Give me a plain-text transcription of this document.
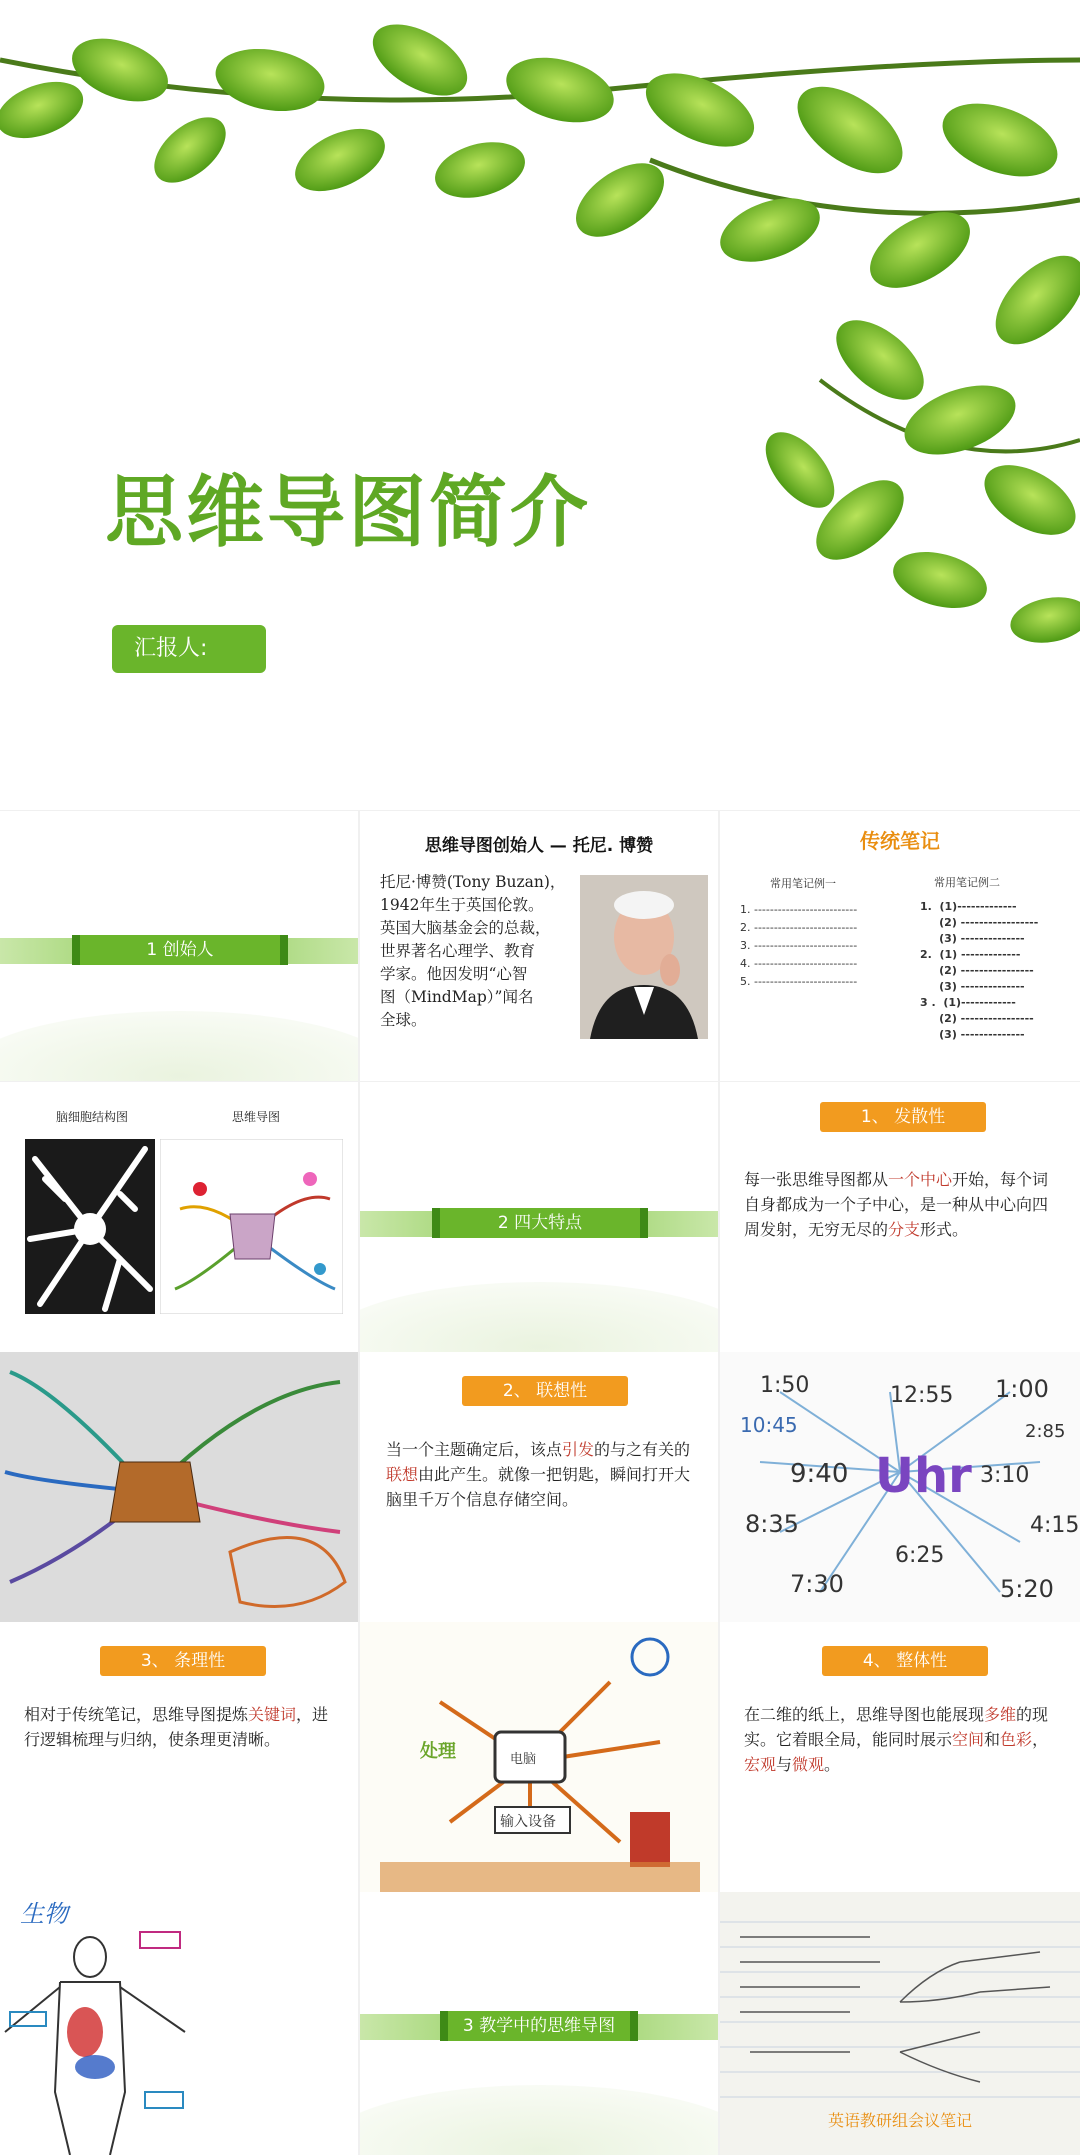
思维导图简介
汇报人:
1 创始人
思维导图创始人 — 托尼. 博赞
托尼·博赞(Tony Buzan)，
1942年生于英国伦敦。
英国大脑基金会的总裁，
世界著名心理学、教育
学家。他因发明“心智
图（MindMap）”闻名
全球。
传统笔记
常用笔记例一
1. --------------------------
2. --------------------------
3. --------------------------
4. --------------------------
5. --------------------------
常用笔记例二
1.  (1)-------------
(2) -----------------
(3) --------------
2.  (1) -------------
(2) ----------------
(3) --------------
3 .  (1)------------
(2) ----------------
(3) --------------
脑细胞结构图	思维导图
2 四大特点
1、 发散性
每一张思维导图都从一个中心开始，每个词自身都成为一个子中心，是一种从中心向四周发射，无穷无尽的分支形式。
2、 联想性
当一个主题确定后，该点引发的与之有关的联想由此产生。就像一把钥匙，瞬间打开大脑里千万个信息存储空间。	Uhr
1:50	12:55 1:00
10:45	2:85
9:40	3:10
8:35	4:15
6:25
7:30	5:20
3、 条理性
相对于传统笔记，思维导图提炼关键词，进行逻辑梳理与归纳，使条理更清晰。
电脑
输入设备
处理
4、 整体性
在二维的纸上，思维导图也能展现多维的现实。它着眼全局，能同时展示空间和色彩，宏观与微观。
生物
3 教学中的思维导图
英语教研组会议笔记
